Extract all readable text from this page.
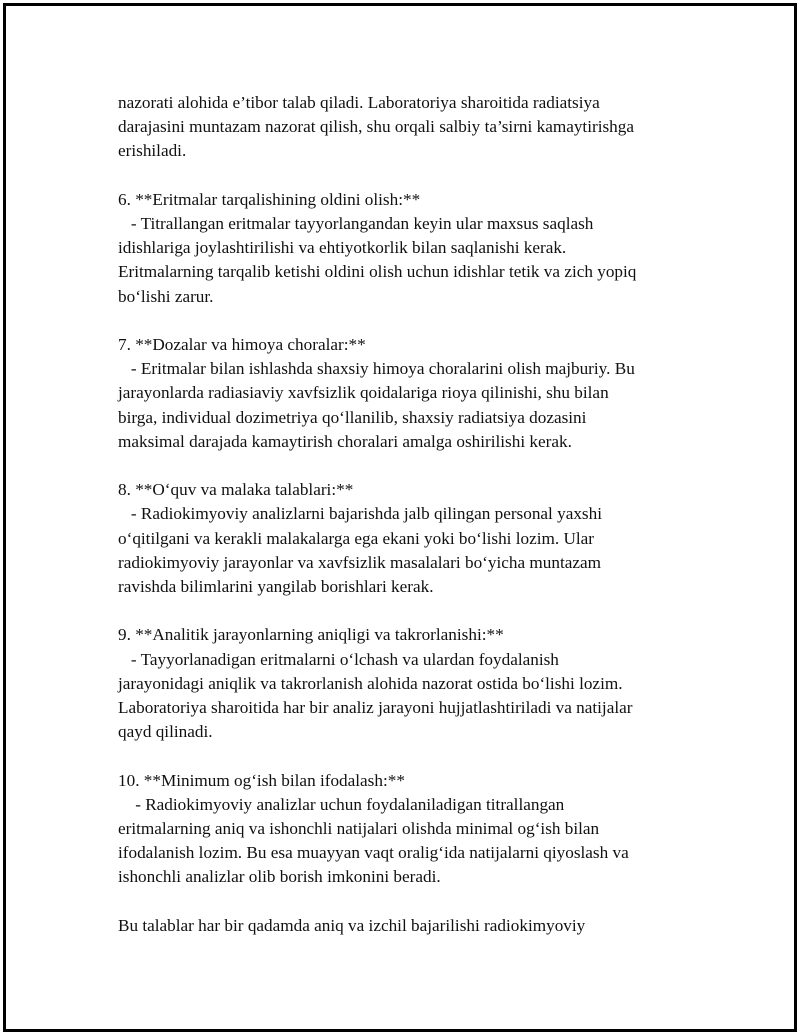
nazorati alohida e’tibor talab qiladi. Laboratoriya sharoitida radiatsiya
darajasini muntazam nazorat qilish, shu orqali salbiy ta’sirni kamaytirishga
erishiladi.
6. **Eritmalar tarqalishining oldini olish:**
- Titrallangan eritmalar tayyorlangandan keyin ular maxsus saqlash
idishlariga joylashtirilishi va ehtiyotkorlik bilan saqlanishi kerak.
Eritmalarning tarqalib ketishi oldini olish uchun idishlar tetik va zich yopiq
bo‘lishi zarur.
7. **Dozalar va himoya choralar:**
- Eritmalar bilan ishlashda shaxsiy himoya choralarini olish majburiy. Bu
jarayonlarda radiasiaviy xavfsizlik qoidalariga rioya qilinishi, shu bilan
birga, individual dozimetriya qo‘llanilib, shaxsiy radiatsiya dozasini
maksimal darajada kamaytirish choralari amalga oshirilishi kerak.
8. **O‘quv va malaka talablari:**
- Radiokimyoviy analizlarni bajarishda jalb qilingan personal yaxshi
o‘qitilgani va kerakli malakalarga ega ekani yoki bo‘lishi lozim. Ular
radiokimyoviy jarayonlar va xavfsizlik masalalari bo‘yicha muntazam
ravishda bilimlarini yangilab borishlari kerak.
9. **Analitik jarayonlarning aniqligi va takrorlanishi:**
- Tayyorlanadigan eritmalarni o‘lchash va ulardan foydalanish
jarayonidagi aniqlik va takrorlanish alohida nazorat ostida bo‘lishi lozim.
Laboratoriya sharoitida har bir analiz jarayoni hujjatlashtiriladi va natijalar
qayd qilinadi.
10. **Minimum og‘ish bilan ifodalash:**
- Radiokimyoviy analizlar uchun foydalaniladigan titrallangan
eritmalarning aniq va ishonchli natijalari olishda minimal og‘ish bilan
ifodalanish lozim. Bu esa muayyan vaqt oralig‘ida natijalarni qiyoslash va
ishonchli analizlar olib borish imkonini beradi.
Bu talablar har bir qadamda aniq va izchil bajarilishi radiokimyoviy
